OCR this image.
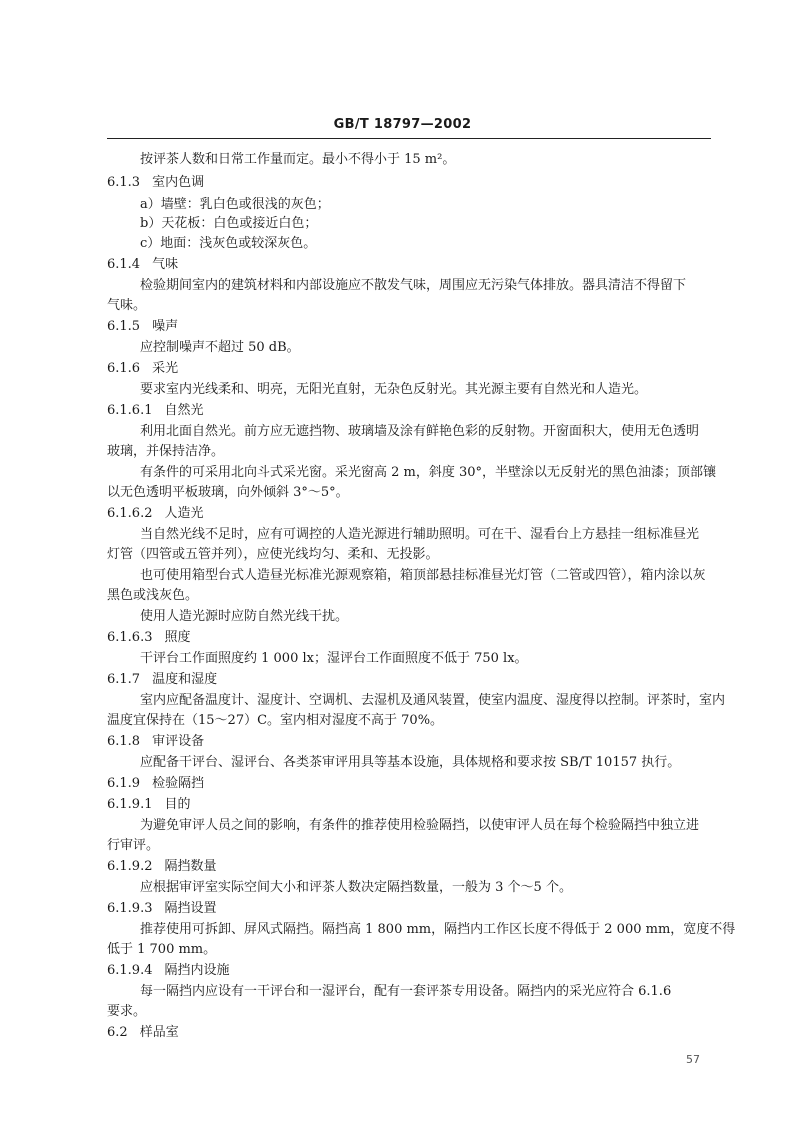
GB/T 18797—2002
按评茶人数和日常工作量而定。最小不得小于 15 m²。
6.1.3 室内色调
a）墙壁：乳白色或很浅的灰色；
b）天花板：白色或接近白色；
c）地面：浅灰色或较深灰色。
6.1.4 气味
检验期间室内的建筑材料和内部设施应不散发气味，周围应无污染气体排放。器具清洁不得留下
气味。
6.1.5 噪声
应控制噪声不超过 50 dB。
6.1.6 采光
要求室内光线柔和、明亮，无阳光直射，无杂色反射光。其光源主要有自然光和人造光。
6.1.6.1 自然光
利用北面自然光。前方应无遮挡物、玻璃墙及涂有鲜艳色彩的反射物。开窗面积大，使用无色透明
玻璃，并保持洁净。
有条件的可采用北向斗式采光窗。采光窗高 2 m，斜度 30°，半壁涂以无反射光的黑色油漆；顶部镶
以无色透明平板玻璃，向外倾斜 3°～5°。
6.1.6.2 人造光
当自然光线不足时，应有可调控的人造光源进行辅助照明。可在干、湿看台上方悬挂一组标准昼光
灯管（四管或五管并列），应使光线均匀、柔和、无投影。
也可使用箱型台式人造昼光标准光源观察箱，箱顶部悬挂标准昼光灯管（二管或四管），箱内涂以灰
黑色或浅灰色。
使用人造光源时应防自然光线干扰。
6.1.6.3 照度
干评台工作面照度约 1 000 lx；湿评台工作面照度不低于 750 lx。
6.1.7 温度和湿度
室内应配备温度计、湿度计、空调机、去湿机及通风装置，使室内温度、湿度得以控制。评茶时，室内
温度宜保持在（15～27）C。室内相对湿度不高于 70%。
6.1.8 审评设备
应配备干评台、湿评台、各类茶审评用具等基本设施，具体规格和要求按 SB/T 10157 执行。
6.1.9 检验隔挡
6.1.9.1 目的
为避免审评人员之间的影响，有条件的推荐使用检验隔挡，以使审评人员在每个检验隔挡中独立进
行审评。
6.1.9.2 隔挡数量
应根据审评室实际空间大小和评茶人数决定隔挡数量，一般为 3 个～5 个。
6.1.9.3 隔挡设置
推荐使用可拆卸、屏风式隔挡。隔挡高 1 800 mm，隔挡内工作区长度不得低于 2 000 mm，宽度不得
低于 1 700 mm。
6.1.9.4 隔挡内设施
每一隔挡内应设有一干评台和一湿评台，配有一套评茶专用设备。隔挡内的采光应符合 6.1.6
要求。
6.2 样品室
57
